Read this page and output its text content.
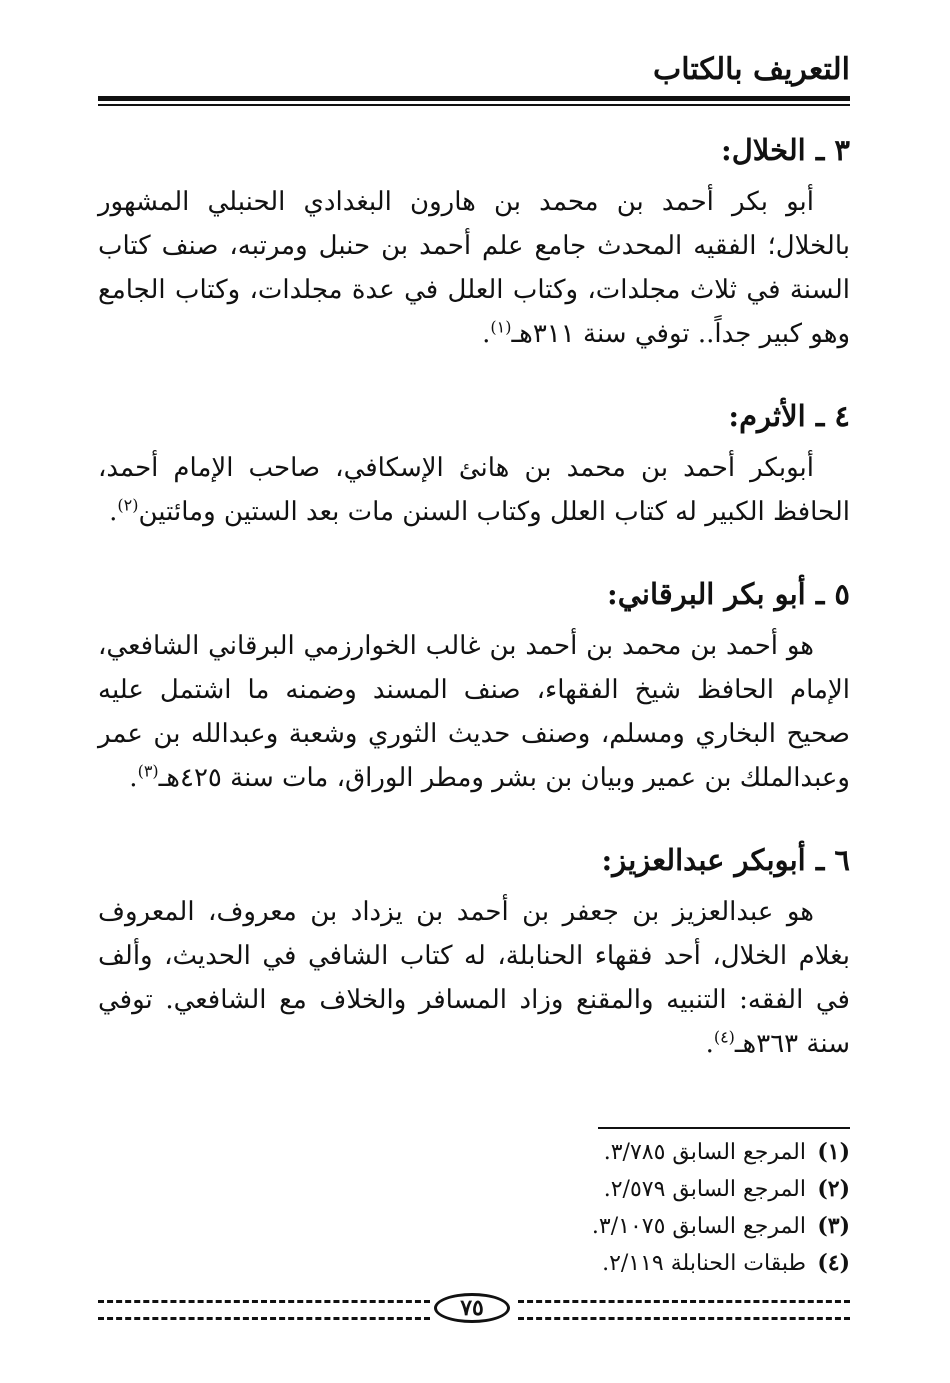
التعريف بالكتاب
٣ ـ الخلال:

أبو بكر أحمد بن محمد بن هارون البغدادي الحنبلي المشهور بالخلال؛ الفقيه المحدث جامع علم أحمد بن حنبل ومرتبه، صنف كتاب السنة في ثلاث مجلدات، وكتاب العلل في عدة مجلدات، وكتاب الجامع وهو كبير جداً.. توفي سنة ٣١١هـ$^{(١)}$.

٤ ـ الأثرم:

أبوبكر أحمد بن محمد بن هانئ الإسكافي، صاحب الإمام أحمد، الحافظ الكبير له كتاب العلل وكتاب السنن مات بعد الستين ومائتين$^{(٢)}$.

٥ ـ أبو بكر البرقاني:

هو أحمد بن محمد بن أحمد بن غالب الخوارزمي البرقاني الشافعي، الإمام الحافظ شيخ الفقهاء، صنف المسند وضمنه ما اشتمل عليه صحيح البخاري ومسلم، وصنف حديث الثوري وشعبة وعبدالله بن عمر وعبدالملك بن عمير وبيان بن بشر ومطر الوراق، مات سنة ٤٢٥هـ$^{(٣)}$.

٦ ـ أبوبكر عبدالعزيز:

هو عبدالعزيز بن جعفر بن أحمد بن يزداد بن معروف، المعروف بغلام الخلال، أحد فقهاء الحنابلة، له كتاب الشافي في الحديث، وألف في الفقه: التنبيه والمقنع وزاد المسافر والخلاف مع الشافعي. توفي سنة ٣٦٣هـ$^{(٤)}$.

(١)المرجع السابق ٣/٧٨٥.

(٢)المرجع السابق ٢/٥٧٩.

(٣)المرجع السابق ٣/١٠٧٥.

(٤)طبقات الحنابلة ٢/١١٩.

٧٥
